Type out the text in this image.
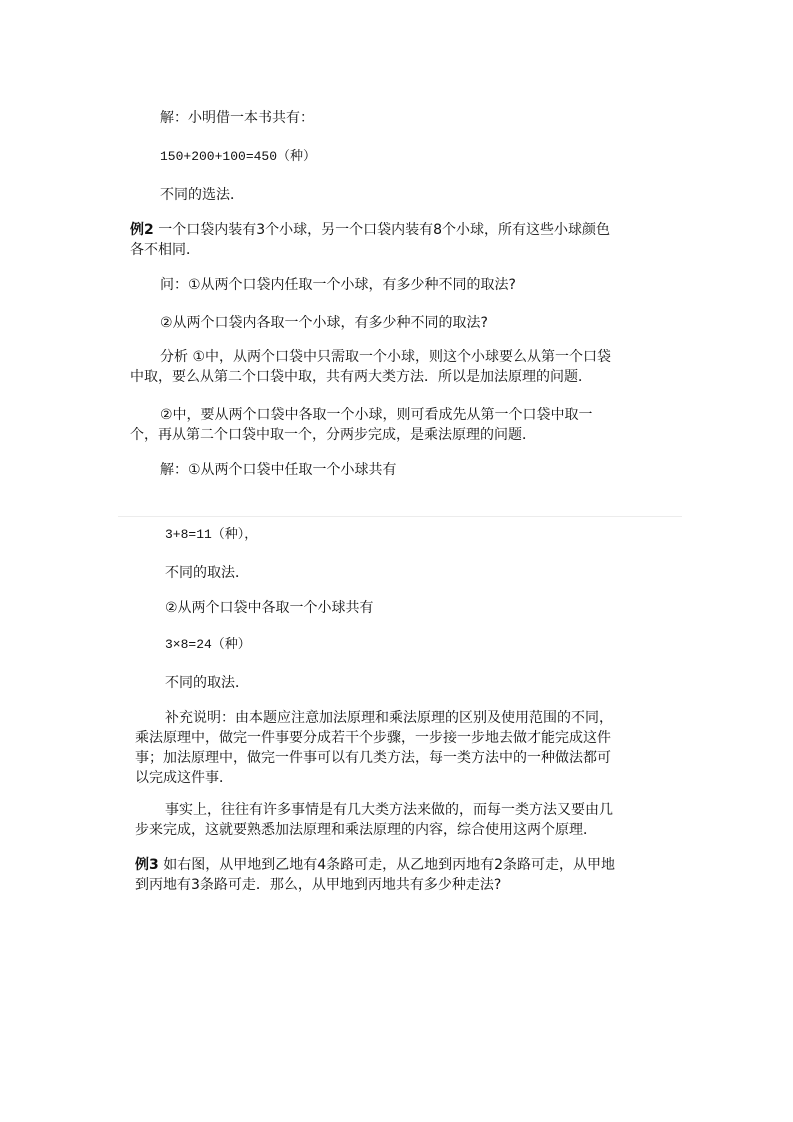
解：小明借一本书共有：
150+200+100=450（种）
不同的选法．
例2 一个口袋内装有3个小球，另一个口袋内装有8个小球，所有这些小球颜色
各不相同．
问：①从两个口袋内任取一个小球，有多少种不同的取法?
②从两个口袋内各取一个小球，有多少种不同的取法?
分析 ①中，从两个口袋中只需取一个小球，则这个小球要么从第一个口袋
中取，要么从第二个口袋中取，共有两大类方法．所以是加法原理的问题．
②中，要从两个口袋中各取一个小球，则可看成先从第一个口袋中取一
个，再从第二个口袋中取一个，分两步完成，是乘法原理的问题．
解：①从两个口袋中任取一个小球共有
3+8=11（种），
不同的取法．
②从两个口袋中各取一个小球共有
3×8=24（种）
不同的取法．
补充说明：由本题应注意加法原理和乘法原理的区别及使用范围的不同，
乘法原理中，做完一件事要分成若干个步骤，一步接一步地去做才能完成这件
事；加法原理中，做完一件事可以有几类方法，每一类方法中的一种做法都可
以完成这件事．
事实上，往往有许多事情是有几大类方法来做的，而每一类方法又要由几
步来完成，这就要熟悉加法原理和乘法原理的内容，综合使用这两个原理．
例3 如右图，从甲地到乙地有4条路可走，从乙地到丙地有2条路可走，从甲地
到丙地有3条路可走．那么，从甲地到丙地共有多少种走法?
